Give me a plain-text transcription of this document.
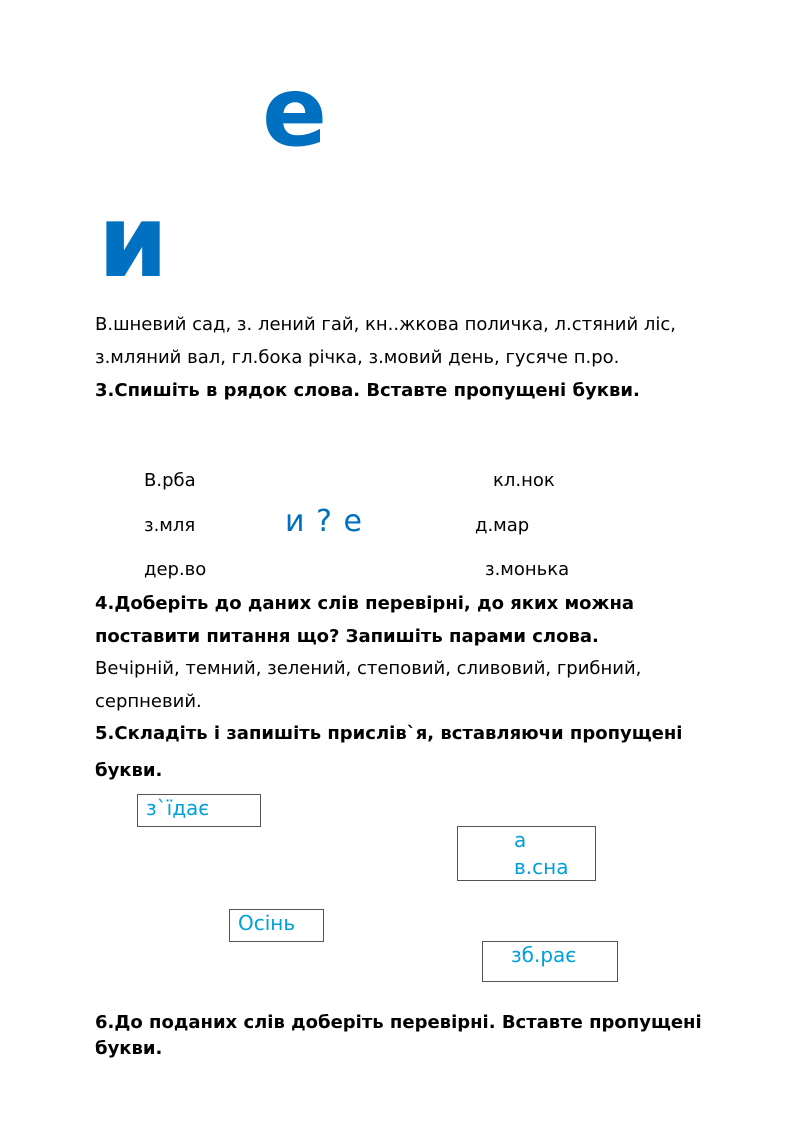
е
и
В.шневий сад, з. лений гай, кн..жкова поличка, л.стяний ліс,
з.мляний вал, гл.бока річка, з.мовий день, гусяче п.ро.
3.Спишіть в рядок слова. Вставте пропущені букви.
В.рба	кл.нок
з.мля	и ? е	д.мар
дер.во	з.монька
4.Доберіть до даних слів перевірні, до яких можна
поставити питання що? Запишіть парами слова.
Вечірній, темний, зелений, степовий, сливовий, грибний,
серпневий.
5.Складіть і запишіть прислів`я, вставляючи пропущені
букви.
з`їдає
а
в.сна
Осінь
зб.рає
6.До поданих слів доберіть перевірні. Вставте пропущені
букви.
